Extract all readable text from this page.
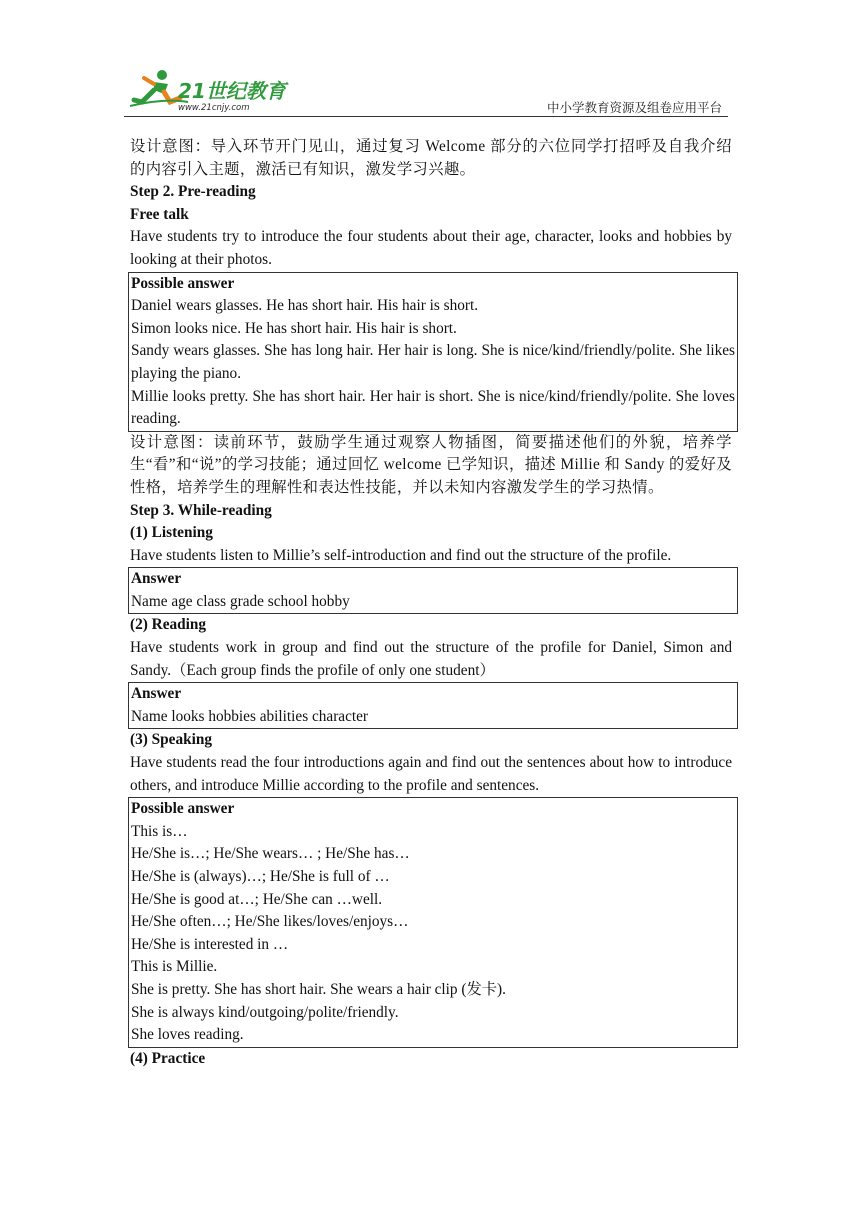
21世纪教育
www.21cnjy.com	中小学教育资源及组卷应用平台

设计意图：导入环节开门见山，通过复习 Welcome 部分的六位同学打招呼及自我介绍的内容引入主题，激活已有知识，激发学习兴趣。

Step 2. Pre-reading

Free talk

Have students try to introduce the four students about their age, character, looks and hobbies by looking at their photos.

Possible answer

Daniel wears glasses. He has short hair. His hair is short.

Simon looks nice. He has short hair. His hair is short.

Sandy wears glasses. She has long hair. Her hair is long. She is nice/kind/friendly/polite. She likes playing the piano.

Millie looks pretty. She has short hair. Her hair is short. She is nice/kind/friendly/polite. She loves reading.

设计意图：读前环节，鼓励学生通过观察人物插图，简要描述他们的外貌，培养学生“看”和“说”的学习技能；通过回忆 welcome 已学知识，描述 Millie 和 Sandy 的爱好及性格，培养学生的理解性和表达性技能，并以未知内容激发学生的学习热情。

Step 3. While-reading

(1) Listening

Have students listen to Millie’s self-introduction and find out the structure of the profile.

Answer

Name age class grade school hobby

(2) Reading

Have students work in group and find out the structure of the profile for Daniel, Simon and Sandy.（Each group finds the profile of only one student）

Answer

Name looks hobbies abilities character

(3) Speaking

Have students read the four introductions again and find out the sentences about how to introduce others, and introduce Millie according to the profile and sentences.

Possible answer

This is…

He/She is…; He/She wears… ; He/She has…

He/She is (always)…; He/She is full of …

He/She is good at…; He/She can …well.

He/She often…; He/She likes/loves/enjoys…

He/She is interested in …

This is Millie.

She is pretty. She has short hair. She wears a hair clip (发卡).

She is always kind/outgoing/polite/friendly.

She loves reading.

(4) Practice
